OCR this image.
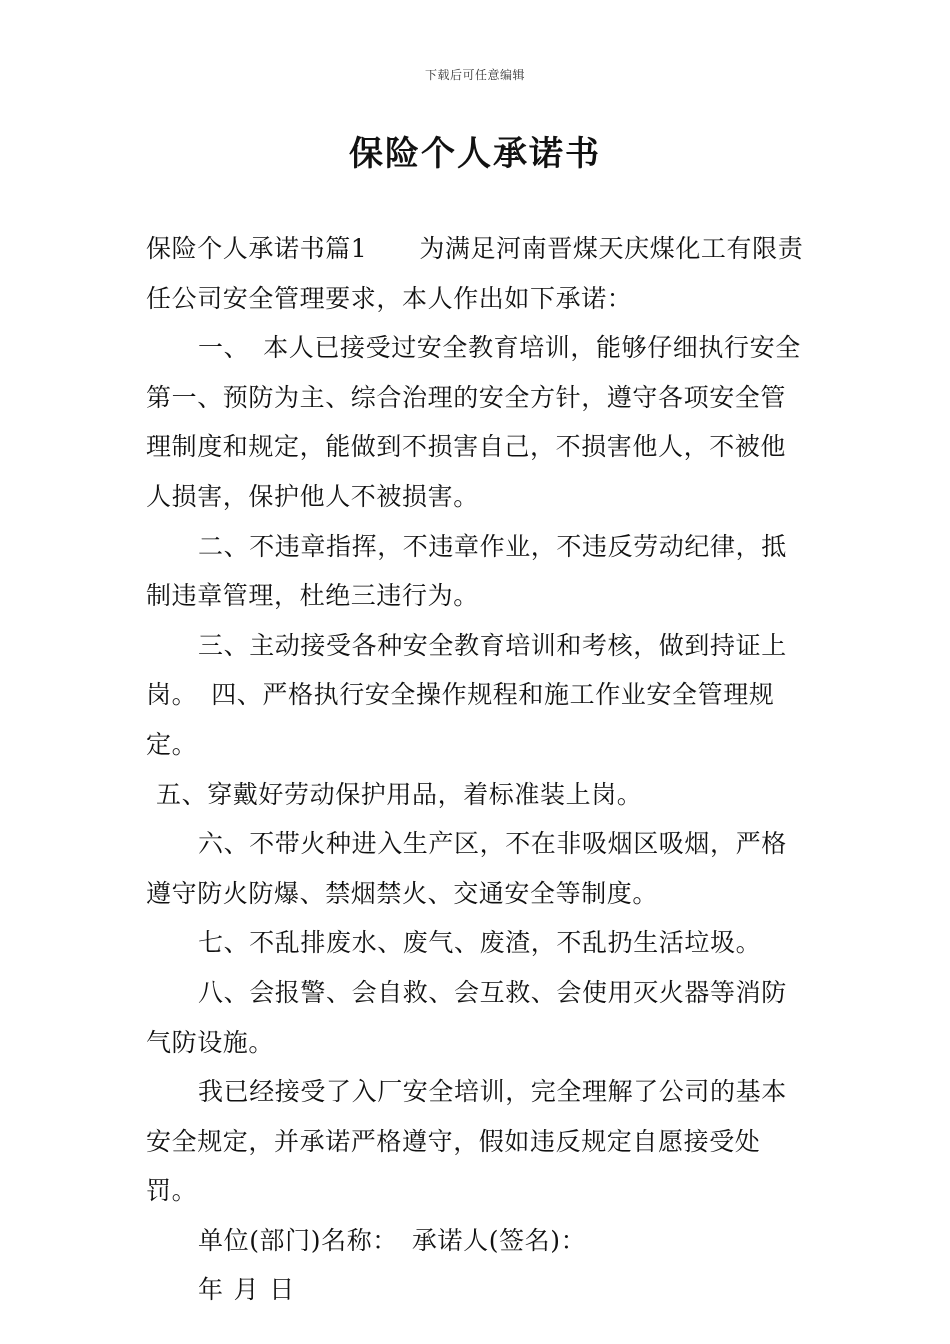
下载后可任意编辑
保险个人承诺书

保险个人承诺书篇1 为满足河南晋煤天庆煤化工有限责任公司安全管理要求，本人作出如下承诺：

一、 本人已接受过安全教育培训，能够仔细执行安全第一、预防为主、综合治理的安全方针，遵守各项安全管理制度和规定，能做到不损害自己，不损害他人，不被他人损害，保护他人不被损害。

二、不违章指挥，不违章作业，不违反劳动纪律，抵制违章管理，杜绝三违行为。

三、主动接受各种安全教育培训和考核，做到持证上岗。 四、严格执行安全操作规程和施工作业安全管理规定。
五、穿戴好劳动保护用品，着标准装上岗。

六、不带火种进入生产区，不在非吸烟区吸烟，严格遵守防火防爆、禁烟禁火、交通安全等制度。

七、不乱排废水、废气、废渣，不乱扔生活垃圾。

八、会报警、会自救、会互救、会使用灭火器等消防气防设施。

我已经接受了入厂安全培训，完全理解了公司的基本安全规定，并承诺严格遵守，假如违反规定自愿接受处罚。

单位(部门)名称： 承诺人(签名)：

年 月 日
